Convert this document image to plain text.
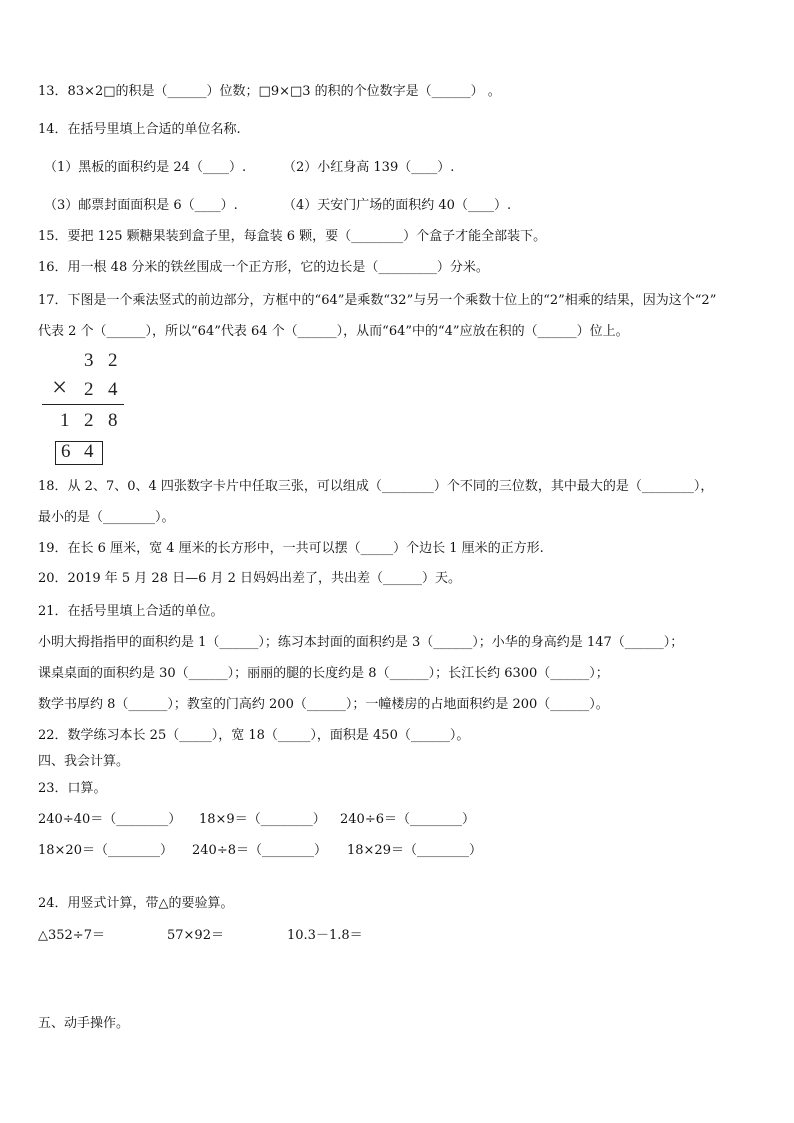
13．83×2□的积是（______）位数；□9×□3 的积的个位数字是（______） 。
14．在括号里填上合适的单位名称.
（1）黑板的面积约是 24（____）.	（2）小红身高 139（____）.
（3）邮票封面面积是 6（____）.	（4）天安门广场的面积约 40（____）.
15．要把 125 颗糖果装到盒子里，每盒装 6 颗，要（________）个盒子才能全部装下。
16．用一根 48 分米的铁丝围成一个正方形，它的边长是（_________）分米。
17．下图是一个乘法竖式的前边部分，方框中的“64”是乘数“32”与另一个乘数十位上的“2”相乘的结果，因为这个“2”
代表 2 个（______），所以“64”代表 64 个（______），从而“64”中的“4”应放在积的（______）位上。
3 2
× 2 4
1 2 8
6 4
18．从 2、7、0、4 四张数字卡片中任取三张，可以组成（________）个不同的三位数，其中最大的是（________），
最小的是（________）。
19．在长 6 厘米，宽 4 厘米的长方形中，一共可以摆（_____）个边长 1 厘米的正方形.
20．2019 年 5 月 28 日—6 月 2 日妈妈出差了，共出差（______）天。
21．在括号里填上合适的单位。
小明大拇指指甲的面积约是 1（______）；练习本封面的面积约是 3（______）；小华的身高约是 147（______）；
课桌桌面的面积约是 30（______）；丽丽的腿的长度约是 8（______）；长江长约 6300（______）；
数学书厚约 8（______）；教室的门高约 200（______）；一幢楼房的占地面积约是 200（______）。
22．数学练习本长 25（_____），宽 18（_____），面积是 450（______）。
四、我会计算。
23．口算。
240÷40＝（________） 18×9＝（________） 240÷6＝（________）
18×20＝（________） 240÷8＝（________） 18×29＝（________）
24．用竖式计算，带△的要验算。
△352÷7＝	57×92＝	10.3－1.8＝
五、动手操作。
